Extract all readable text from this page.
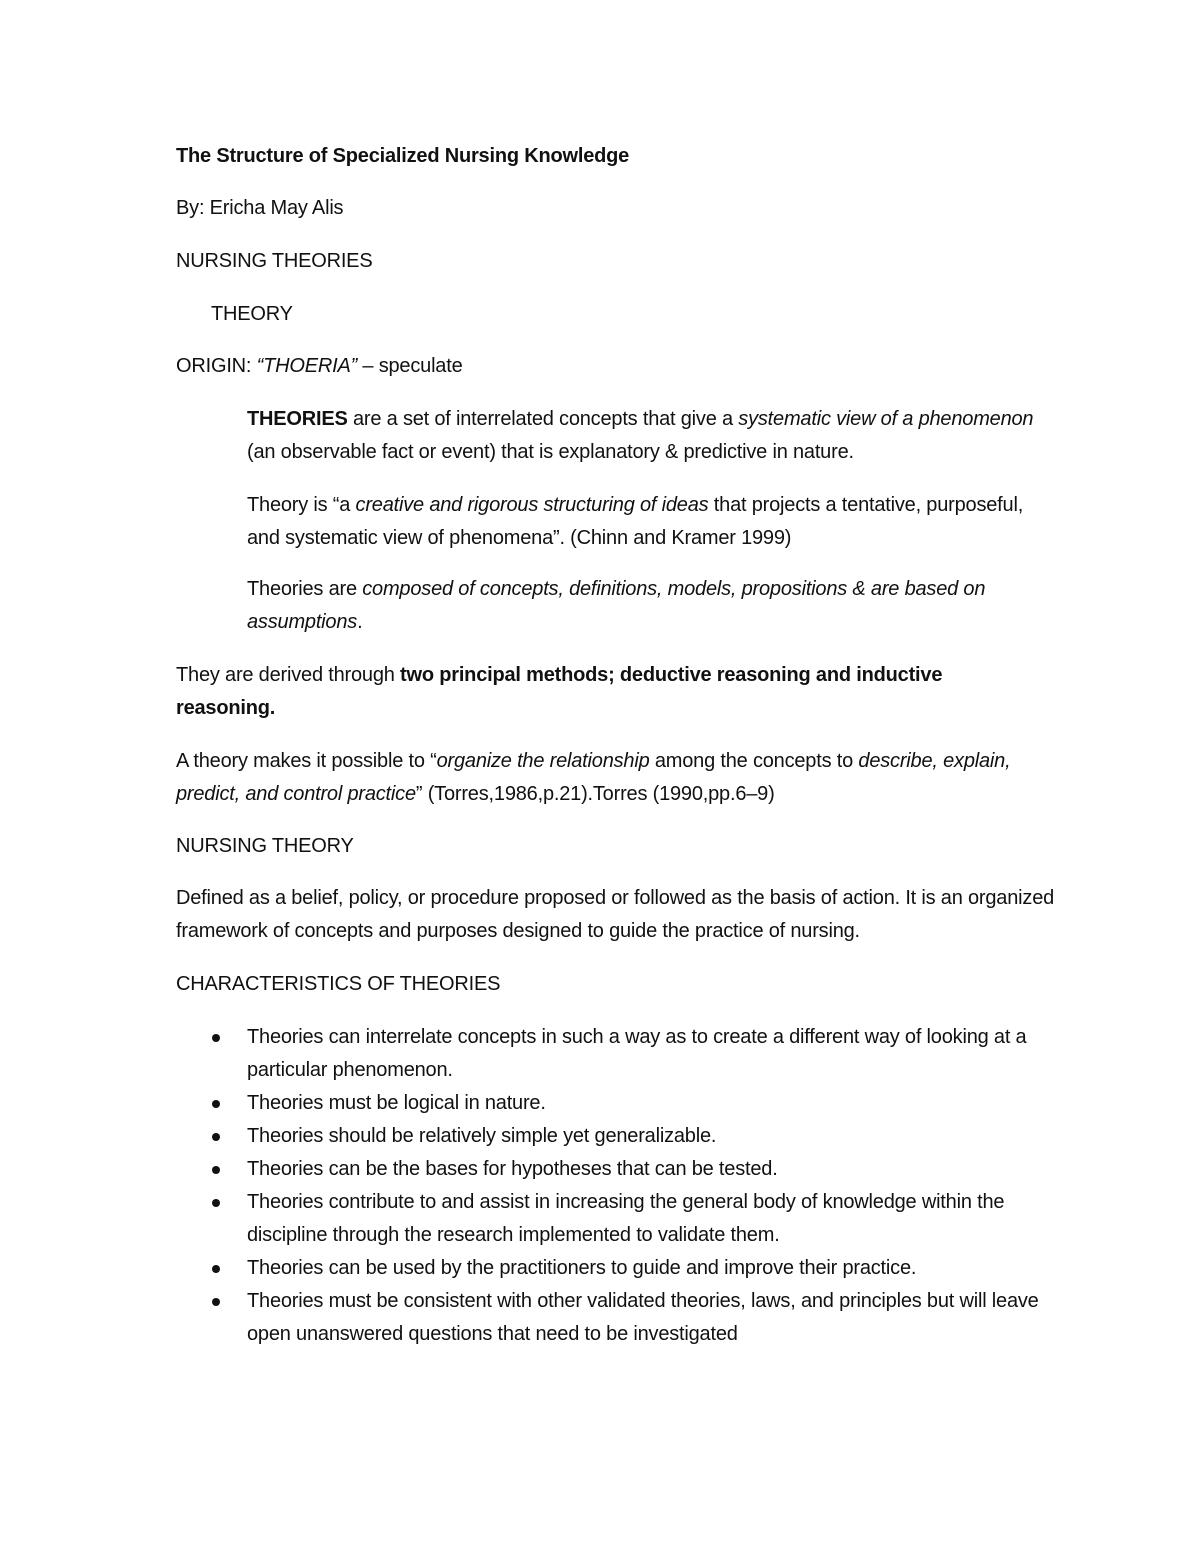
The Structure of Specialized Nursing Knowledge

By: Ericha May Alis

NURSING THEORIES

THEORY

ORIGIN: “THOERIA” – speculate

THEORIES are a set of interrelated concepts that give a systematic view of a phenomenon (an observable fact or event) that is explanatory & predictive in nature.

Theory is “a creative and rigorous structuring of ideas that projects a tentative, purposeful, and systematic view of phenomena”. (Chinn and Kramer 1999)

Theories are composed of concepts, definitions, models, propositions & are based on assumptions.

They are derived through two principal methods; deductive reasoning and inductive reasoning.

A theory makes it possible to “organize the relationship among the concepts to describe, explain, predict, and control practice” (Torres,1986,p.21).Torres (1990,pp.6–9)

NURSING THEORY

Defined as a belief, policy, or procedure proposed or followed as the basis of action. It is an organized framework of concepts and purposes designed to guide the practice of nursing.

CHARACTERISTICS OF THEORIES

Theories can interrelate concepts in such a way as to create a different way of looking at a particular phenomenon.
Theories must be logical in nature.
Theories should be relatively simple yet generalizable.
Theories can be the bases for hypotheses that can be tested.
Theories contribute to and assist in increasing the general body of knowledge within the discipline through the research implemented to validate them.
Theories can be used by the practitioners to guide and improve their practice.
Theories must be consistent with other validated theories, laws, and principles but will leave open unanswered questions that need to be investigated
